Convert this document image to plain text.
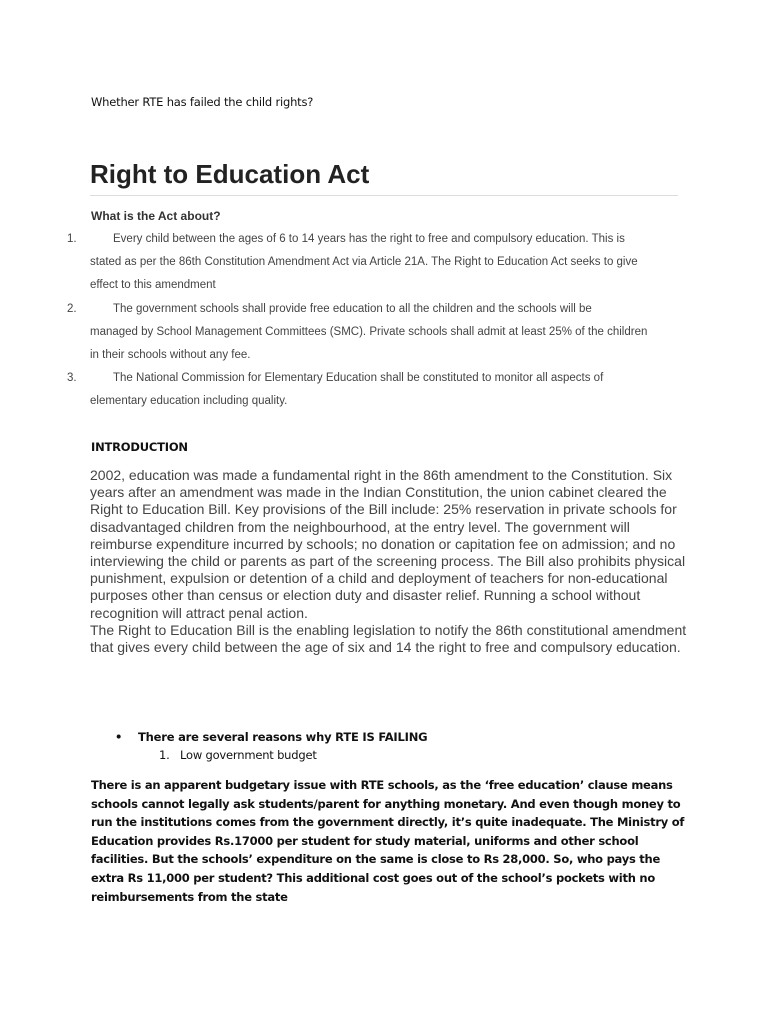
Whether RTE has failed the child rights?
Right to Education Act
What is the Act about?
1.	Every child between the ages of 6 to 14 years has the right to free and compulsory education. This is
stated as per the 86th Constitution Amendment Act via Article 21A. The Right to Education Act seeks to give
effect to this amendment
2.	The government schools shall provide free education to all the children and the schools will be
managed by School Management Committees (SMC). Private schools shall admit at least 25% of the children
in their schools without any fee.
3.	The National Commission for Elementary Education shall be constituted to monitor all aspects of
elementary education including quality.
INTRODUCTION

2002, education was made a fundamental right in the 86th amendment to the Constitution. Six years after an amendment was made in the Indian Constitution, the union cabinet cleared the Right to Education Bill. Key provisions of the Bill include: 25% reservation in private schools for disadvantaged children from the neighbourhood, at the entry level. The government will reimburse expenditure incurred by schools; no donation or capitation fee on admission; and no interviewing the child or parents as part of the screening process. The Bill also prohibits physical punishment, expulsion or detention of a child and deployment of teachers for non-educational purposes other than census or election duty and disaster relief. Running a school without recognition will attract penal action.

The Right to Education Bill is the enabling legislation to notify the 86th constitutional amendment that gives every child between the age of six and 14 the right to free and compulsory education.

• There are several reasons why RTE IS FAILING
1. Low government budget

There is an apparent budgetary issue with RTE schools, as the ‘free education’ clause means schools cannot legally ask students/parent for anything monetary. And even though money to run the institutions comes from the government directly, it’s quite inadequate. The Ministry of Education provides Rs.17000 per student for study material, uniforms and other school facilities. But the schools’ expenditure on the same is close to Rs 28,000. So, who pays the extra Rs 11,000 per student? This additional cost goes out of the school’s pockets with no reimbursements from the state
